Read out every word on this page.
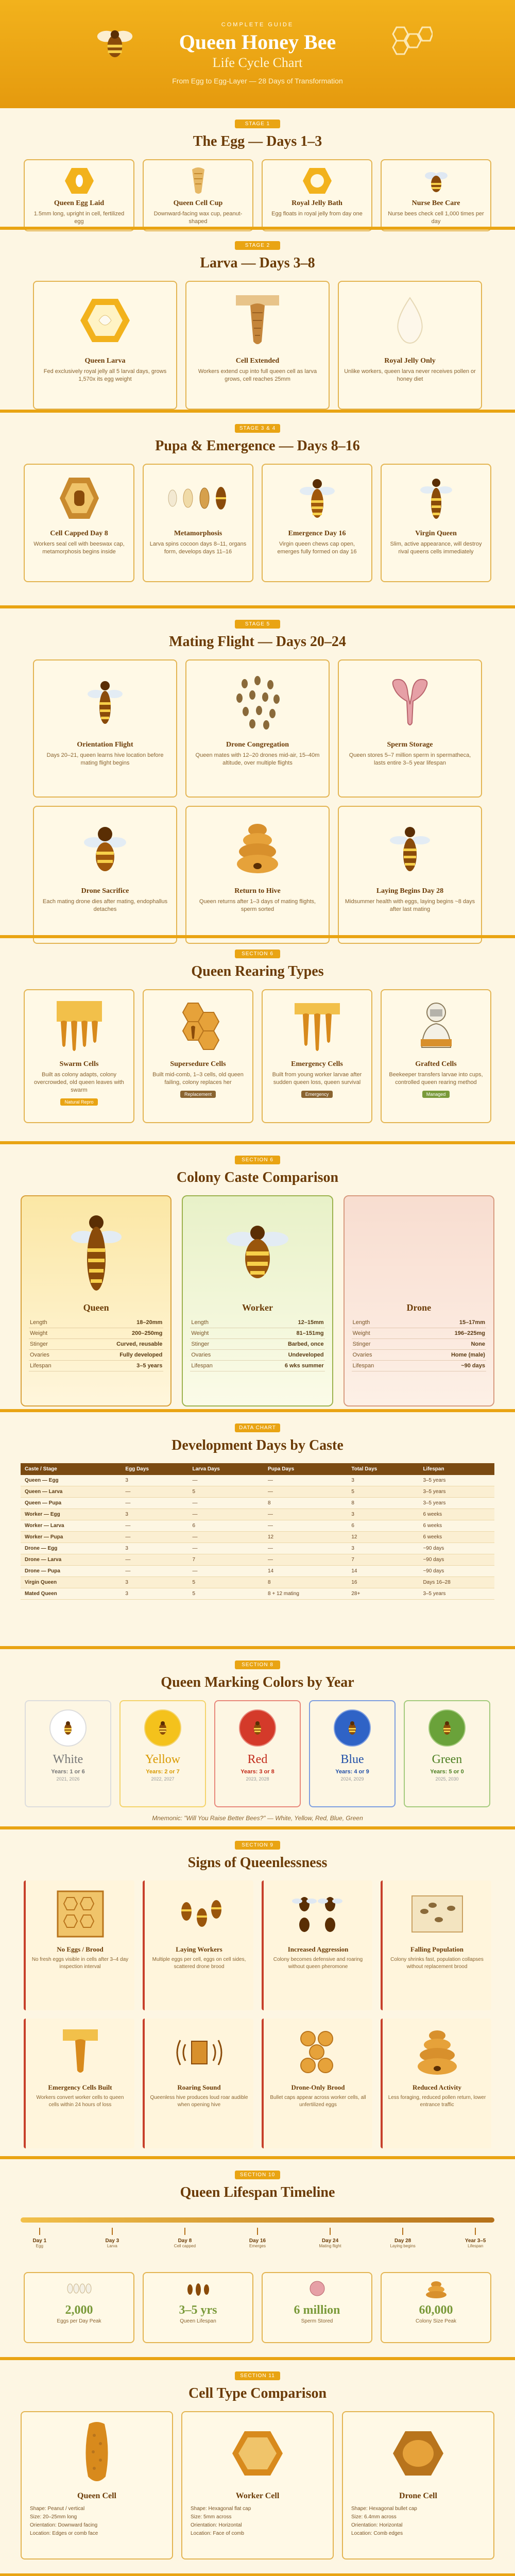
COMPLETE GUIDE
Queen Honey Bee
Life Cycle Chart
From Egg to Egg-Layer — 28 Days of Transformation
STAGE 1
The Egg — Days 1–3
Queen Egg Laid
1.5mm long, upright in cell, fertilized egg
Queen Cell Cup
Downward-facing wax cup, peanut-shaped
Royal Jelly Bath
Egg floats in royal jelly from day one
Nurse Bee Care
Nurse bees check cell 1,000 times per day
STAGE 2
Larva — Days 3–8
Queen Larva
Fed exclusively royal jelly all 5 larval days, grows 1,570x its egg weight
Cell Extended
Workers extend cup into full queen cell as larva grows, cell reaches 25mm
Royal Jelly Only
Unlike workers, queen larva never receives pollen or honey diet
STAGE 3 & 4
Pupa & Emergence — Days 8–16
Cell Capped Day 8
Workers seal cell with beeswax cap, metamorphosis begins inside
Metamorphosis
Larva spins cocoon days 8–11, organs form, develops days 11–16
Emergence Day 16
Virgin queen chews cap open, emerges fully formed on day 16
Virgin Queen
Slim, active appearance, will destroy rival queens cells immediately
STAGE 5
Mating Flight — Days 20–24
Orientation Flight
Days 20–21, queen learns hive location before mating flight begins
Drone Congregation
Queen mates with 12–20 drones mid-air, 15–40m altitude, over multiple flights
Sperm Storage
Queen stores 5–7 million sperm in spermatheca, lasts entire 3–5 year lifespan
Drone Sacrifice
Each mating drone dies after mating, endophallus detaches
Return to Hive
Queen returns after 1–3 days of mating flights, sperm sorted
Laying Begins Day 28
Midsummer health with eggs, laying begins ~8 days after last mating
SECTION 6
Queen Rearing Types
Swarm Cells
Built as colony adapts, colony overcrowded, old queen leaves with swarm
Natural Repro
Supersedure Cells
Built mid-comb, 1–3 cells, old queen failing, colony replaces her
Replacement
Emergency Cells
Built from young worker larvae after sudden queen loss, queen survival
Emergency
Grafted Cells
Beekeeper transfers larvae into cups, controlled queen rearing method
Managed
SECTION 6
Colony Caste Comparison
Queen
Length	18–20mm
Weight	200–250mg
Stinger	Curved, reusable
Ovaries	Fully developed
Lifespan	3–5 years
Worker
Length	12–15mm
Weight	81–151mg
Stinger	Barbed, once
Ovaries	Undeveloped
Lifespan	6 wks summer
Drone
Length	15–17mm
Weight	196–225mg
Stinger	None
Ovaries	Home (male)
Lifespan	~90 days
DATA CHART
Development Days by Caste
Caste / Stage	Egg Days	Larva Days	Pupa Days	Total Days	Lifespan
Queen — Egg	3	—	—	3	3–5 years
Queen — Larva	—	5	—	5	3–5 years
Queen — Pupa	—	—	8	8	3–5 years
Worker — Egg	3	—	—	3	6 weeks
Worker — Larva	—	6	—	6	6 weeks
Worker — Pupa	—	—	12	12	6 weeks
Drone — Egg	3	—	—	3	~90 days
Drone — Larva	—	7	—	7	~90 days
Drone — Pupa	—	—	14	14	~90 days
Virgin Queen	3	5	8	16	Days 16–28
Mated Queen	3	5	8 + 12 mating	28+	3–5 years
SECTION 8
Queen Marking Colors by Year
White
Years: 1 or 6
2021, 2026
Yellow
Years: 2 or 7
2022, 2027
Red
Years: 3 or 8
2023, 2028
Blue
Years: 4 or 9
2024, 2029
Green
Years: 5 or 0
2025, 2030
Mnemonic: "Will You Raise Better Bees?" — White, Yellow, Red, Blue, Green
SECTION 9
Signs of Queenlessness
No Eggs / Brood
No fresh eggs visible in cells after 3–4 day inspection interval
Laying Workers
Multiple eggs per cell, eggs on cell sides, scattered drone brood
Increased Aggression
Colony becomes defensive and roaring without queen pheromone
Falling Population
Colony shrinks fast, population collapses without replacement brood
Emergency Cells Built
Workers convert worker cells to queen cells within 24 hours of loss
Roaring Sound
Queenless hive produces loud roar audible when opening hive
Drone-Only Brood
Bullet caps appear across worker cells, all unfertilized eggs
Reduced Activity
Less foraging, reduced pollen return, lower entrance traffic
SECTION 10
Queen Lifespan Timeline
Day 1
Egg
Day 3
Larva
Day 8
Cell capped
Day 16
Emerges
Day 24
Mating flight
Day 28
Laying begins
Year 3–5
Lifespan
2,000
Eggs per Day Peak
3–5 yrs
Queen Lifespan
6 million
Sperm Stored
60,000
Colony Size Peak
SECTION 11
Cell Type Comparison
Queen Cell
Shape: Peanut / vertical
Size: 20–25mm long
Orientation: Downward facing
Location: Edges or comb face
Worker Cell
Shape: Hexagonal flat cap
Size: 5mm across
Orientation: Horizontal
Location: Face of comb
Drone Cell
Shape: Hexagonal bullet cap
Size: 6.4mm across
Orientation: Horizontal
Location: Comb edges
